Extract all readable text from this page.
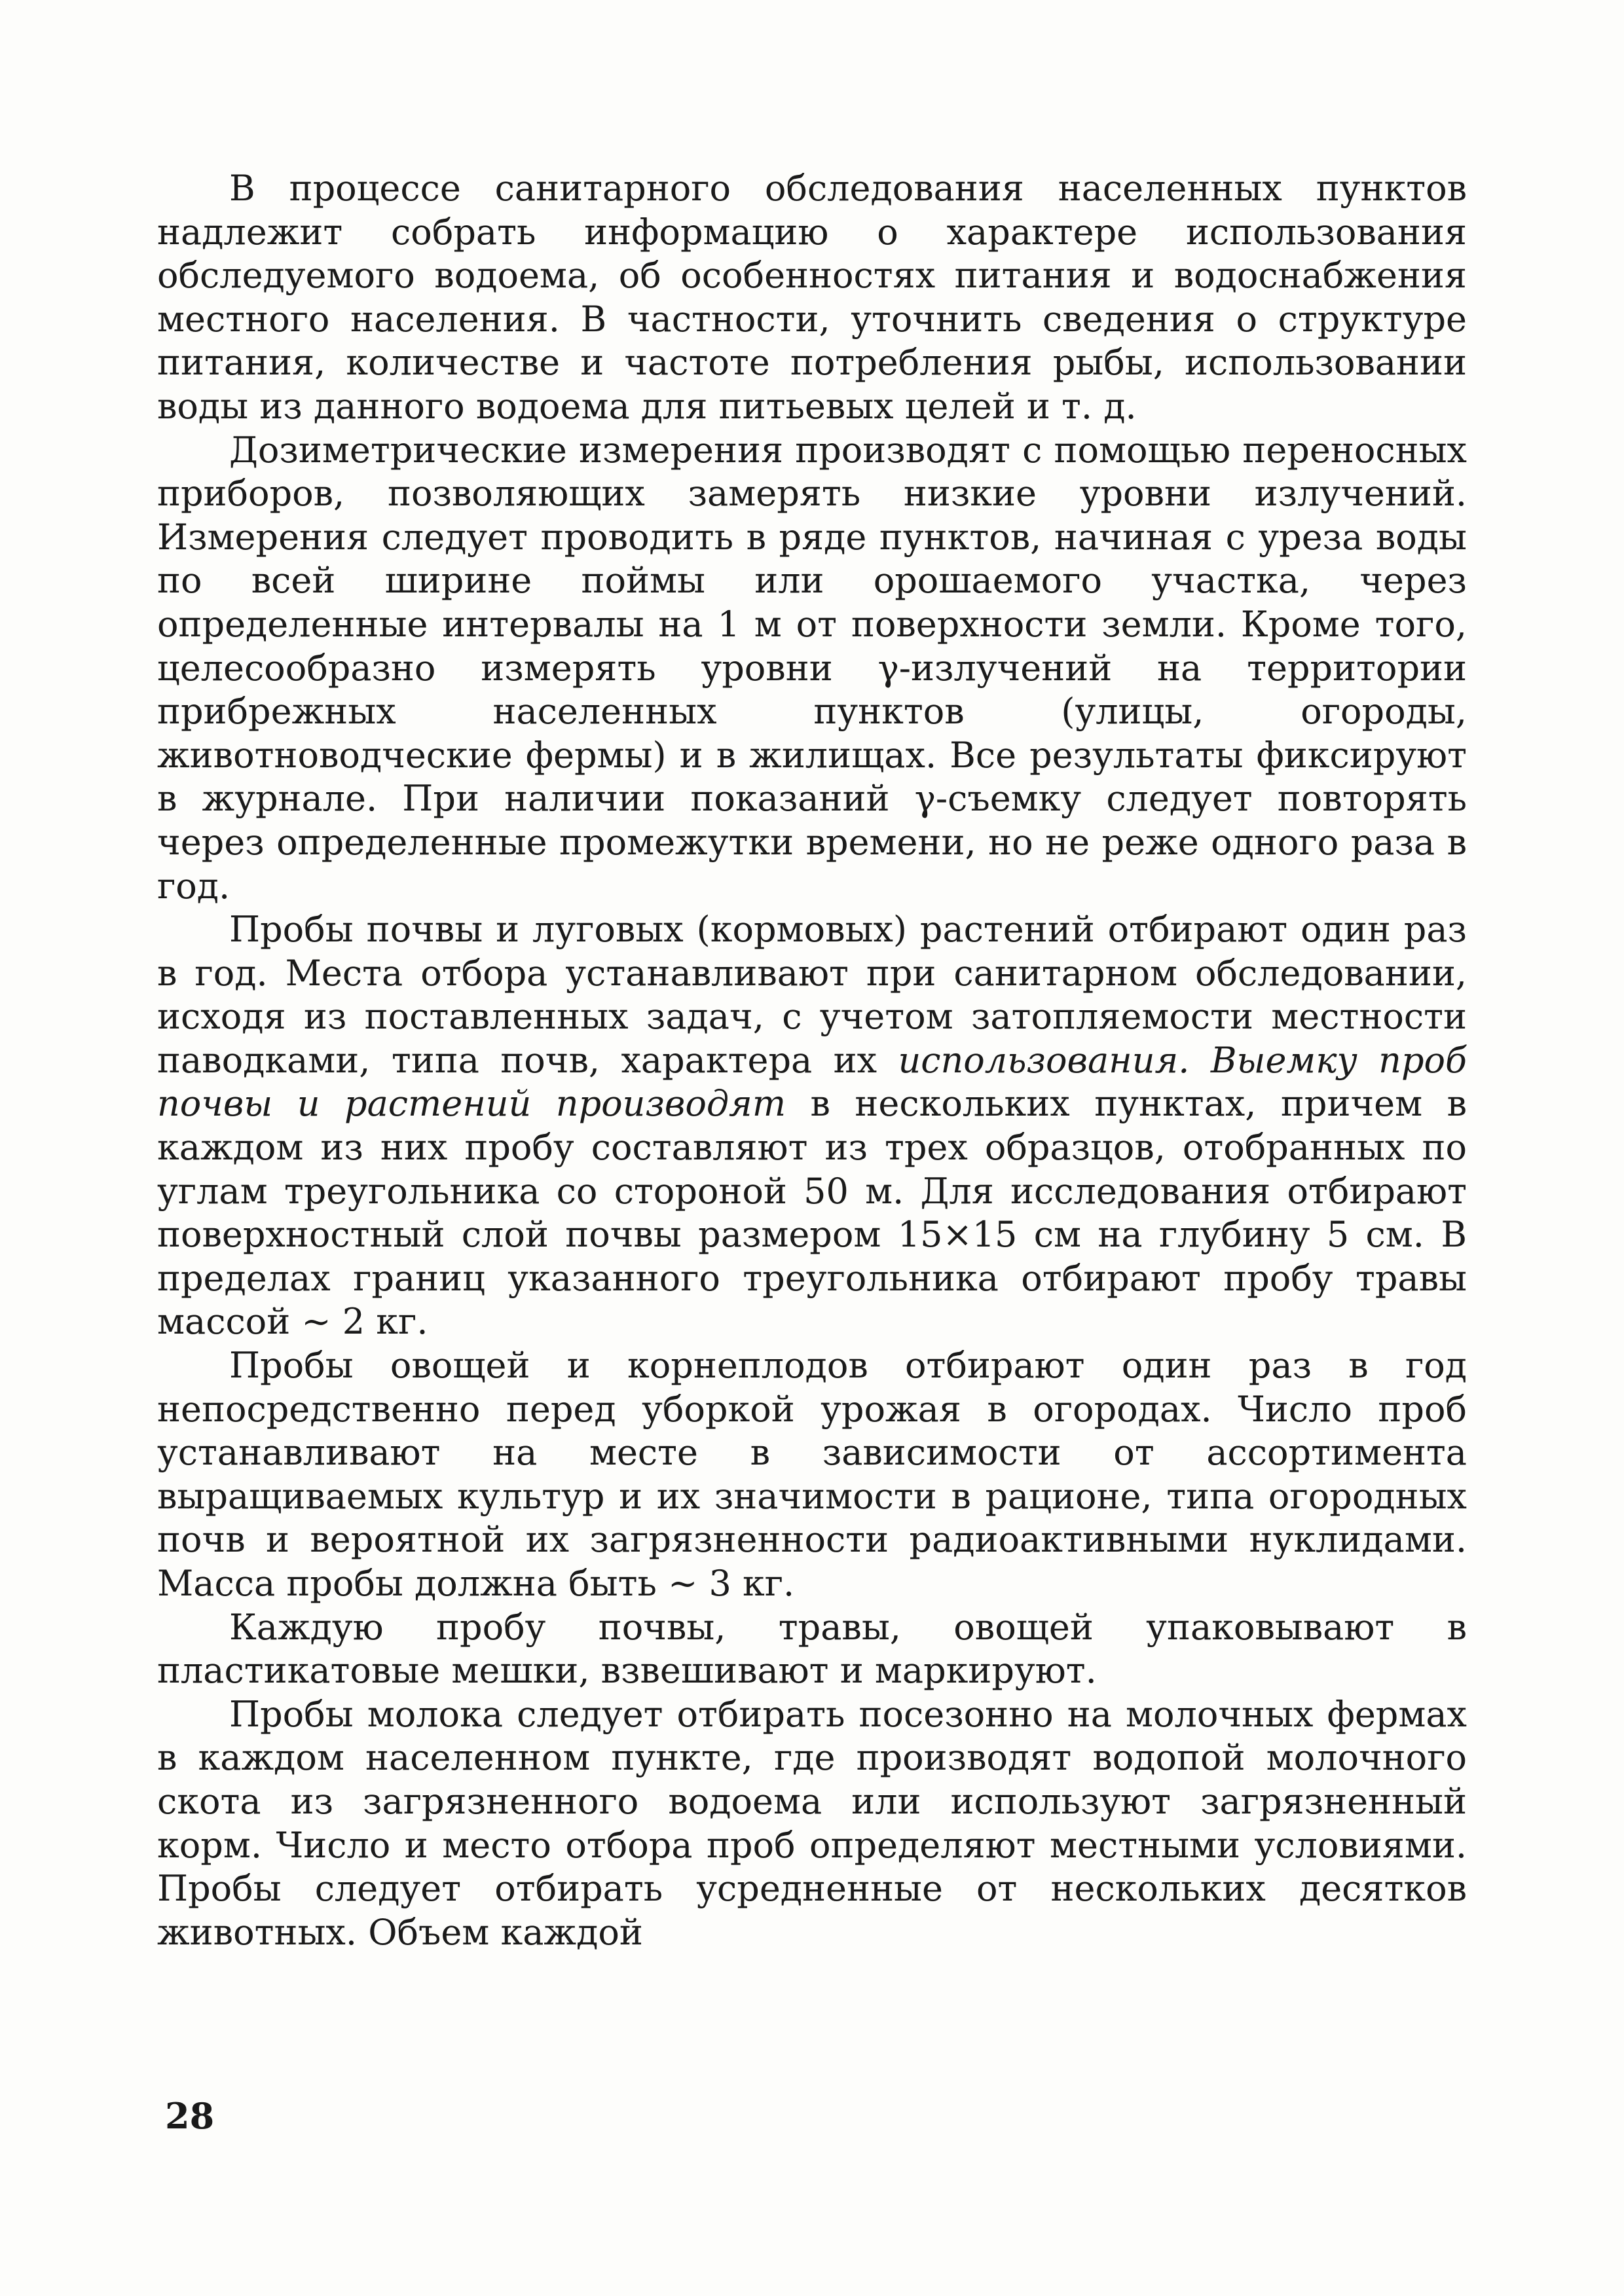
В процессе санитарного обследования населенных пунктов надлежит собрать информацию о характере использования обследуемого водоема, об особенностях питания и водоснабжения местного населения. В частности, уточнить сведения о структуре питания, количестве и частоте потребления рыбы, использовании воды из данного водоема для питьевых целей и т. д.

Дозиметрические измерения производят с помощью переносных приборов, позволяющих замерять низкие уровни излучений. Измерения следует проводить в ряде пунктов, начиная с уреза воды по всей ширине поймы или орошаемого участка, через определенные интервалы на 1 м от поверхности земли. Кроме того, целесообразно измерять уровни γ-излучений на территории прибрежных населенных пунктов (улицы, огороды, животноводческие фермы) и в жилищах. Все результаты фиксируют в журнале. При наличии показаний γ-съемку следует повторять через определенные промежутки времени, но не реже одного раза в год.

Пробы почвы и луговых (кормовых) растений отбирают один раз в год. Места отбора устанавливают при санитарном обследовании, исходя из поставленных задач, с учетом затопляемости местности паводками, типа почв, характера их использования. Выемку проб почвы и растений производят в нескольких пунктах, причем в каждом из них пробу составляют из трех образцов, отобранных по углам треугольника со стороной 50 м. Для исследования отбирают поверхностный слой почвы размером 15×15 см на глубину 5 см. В пределах границ указанного треугольника отбирают пробу травы массой ~ 2 кг.

Пробы овощей и корнеплодов отбирают один раз в год непосредственно перед уборкой урожая в огородах. Число проб устанавливают на месте в зависимости от ассортимента выращиваемых культур и их значимости в рационе, типа огородных почв и вероятной их загрязненности радиоактивными нуклидами. Масса пробы должна быть ~ 3 кг.

Каждую пробу почвы, травы, овощей упаковывают в пластикатовые мешки, взвешивают и маркируют.

Пробы молока следует отбирать посезонно на молочных фермах в каждом населенном пункте, где производят водопой молочного скота из загрязненного водоема или используют загрязненный корм. Число и место отбора проб определяют местными условиями. Пробы следует отбирать усредненные от нескольких десятков животных. Объем каждой

28
